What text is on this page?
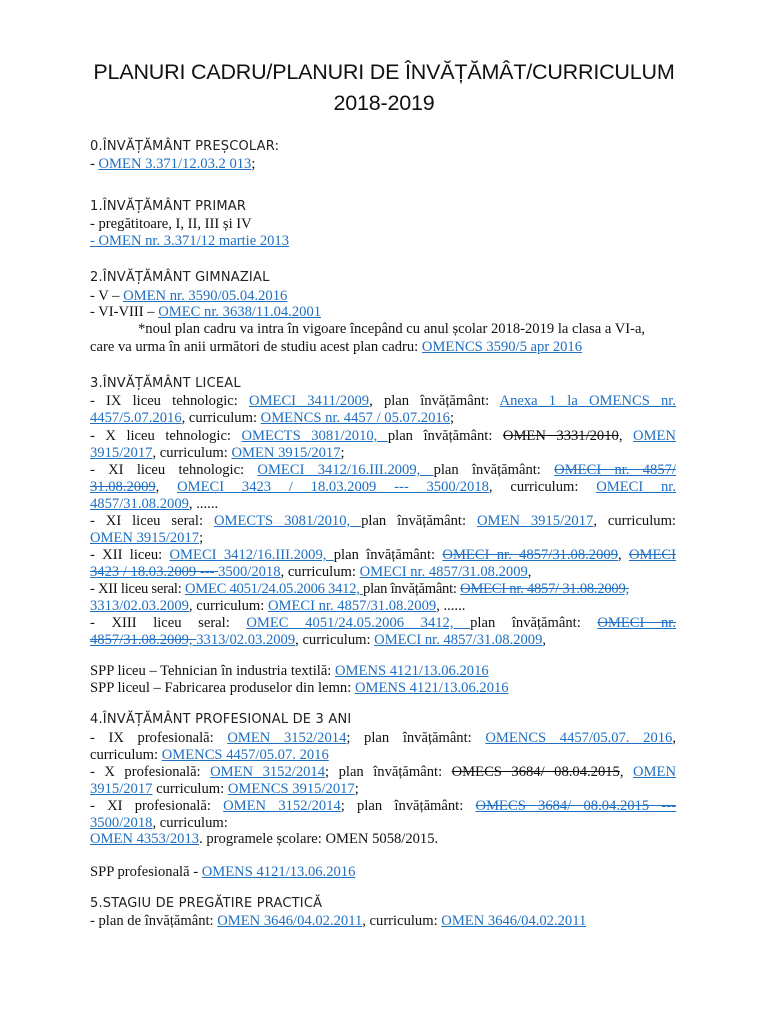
PLANURI CADRU/PLANURI DE ÎNVĂȚĂMÂT/CURRICULUM
2018-2019
0.ÎNVĂȚĂMÂNT PREȘCOLAR:
- OMEN 3.371/12.03.2 013;
1.ÎNVĂȚĂMÂNT PRIMAR
- pregătitoare, I, II, III și IV
- OMEN nr. 3.371/12 martie 2013
2.ÎNVĂȚĂMÂNT GIMNAZIAL
- V – OMEN nr. 3590/05.04.2016
- VI-VIII – OMEC nr. 3638/11.04.2001
*noul plan cadru va intra în vigoare începând cu anul școlar 2018-2019 la clasa a VI-a,
care va urma în anii următori de studiu acest plan cadru: OMENCS 3590/5 apr 2016
3.ÎNVĂȚĂMÂNT LICEAL
- IX liceu tehnologic: OMECI 3411/2009, plan învățământ: Anexa 1 la OMENCS nr.
4457/5.07.2016, curriculum: OMENCS nr. 4457 / 05.07.2016;
- X liceu tehnologic: OMECTS 3081/2010, plan învățământ: OMEN 3331/2010, OMEN
3915/2017, curriculum: OMEN 3915/2017;
- XI liceu tehnologic: OMECI 3412/16.III.2009, plan învățământ: OMECI nr. 4857/
31.08.2009, OMECI 3423 / 18.03.2009 --- 3500/2018, curriculum: OMECI nr.
4857/31.08.2009, ......
- XI liceu seral: OMECTS 3081/2010, plan învățământ: OMEN 3915/2017, curriculum:
OMEN 3915/2017;
- XII liceu: OMECI 3412/16.III.2009, plan învățământ: OMECI nr. 4857/31.08.2009, OMECI
3423 / 18.03.2009 --- 3500/2018, curriculum: OMECI nr. 4857/31.08.2009,
- XII liceu seral: OMEC 4051/24.05.2006 3412, plan învățământ: OMECI nr. 4857/ 31.08.2009,
3313/02.03.2009, curriculum: OMECI nr. 4857/31.08.2009, ......
- XIII liceu seral: OMEC 4051/24.05.2006 3412, plan învățământ: OMECI nr.
4857/31.08.2009, 3313/02.03.2009, curriculum: OMECI nr. 4857/31.08.2009,
SPP liceu – Tehnician în industria textilă: OMENS 4121/13.06.2016
SPP liceul – Fabricarea produselor din lemn: OMENS 4121/13.06.2016
4.ÎNVĂȚĂMÂNT PROFESIONAL DE 3 ANI
- IX profesională: OMEN 3152/2014; plan învățământ: OMENCS 4457/05.07. 2016,
curriculum: OMENCS 4457/05.07. 2016
- X profesională: OMEN 3152/2014; plan învățământ: OMECS 3684/ 08.04.2015, OMEN
3915/2017 curriculum: OMENCS 3915/2017;
- XI profesională: OMEN 3152/2014; plan învățământ: OMECS 3684/ 08.04.2015 ---
3500/2018, curriculum:
OMEN 4353/2013. programele școlare: OMEN 5058/2015.
SPP profesională - OMENS 4121/13.06.2016
5.STAGIU DE PREGĂTIRE PRACTICĂ
- plan de învățământ: OMEN 3646/04.02.2011, curriculum: OMEN 3646/04.02.2011
